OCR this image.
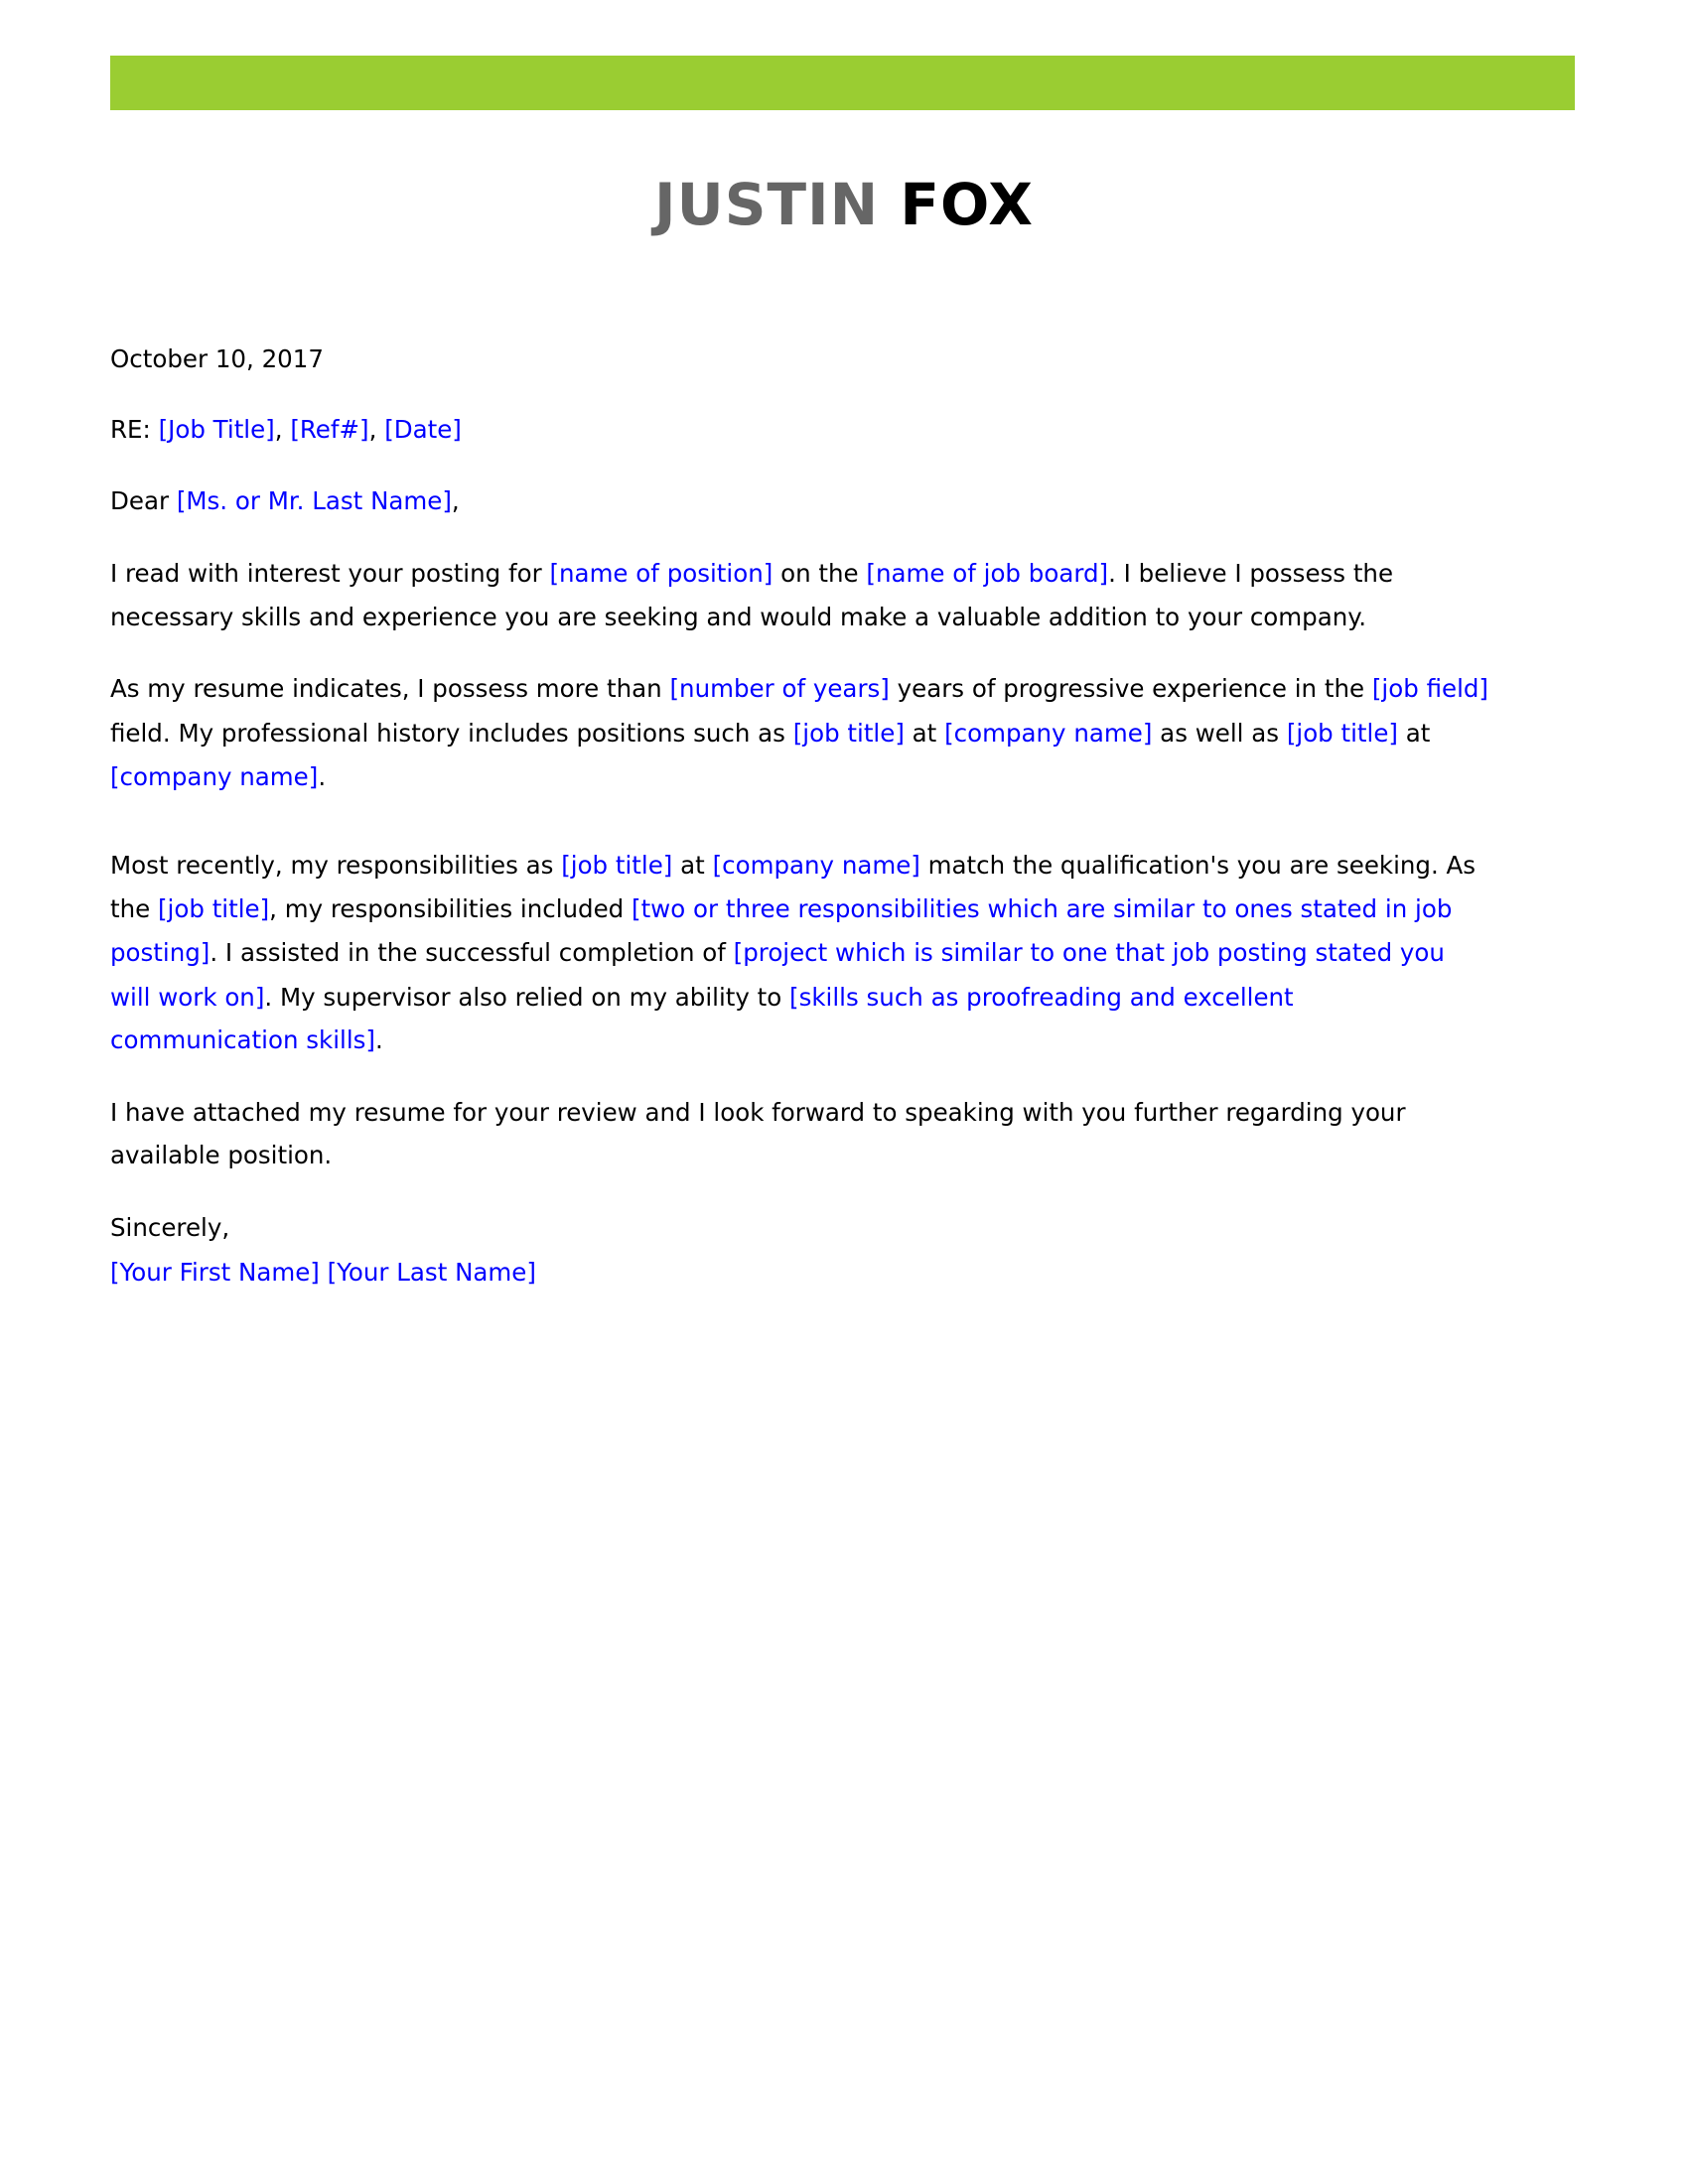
JUSTIN FOX
October 10, 2017
RE: [Job Title], [Ref#], [Date]
Dear [Ms. or Mr. Last Name],
I read with interest your posting for [name of position] on the [name of job board]. I believe I possess the
necessary skills and experience you are seeking and would make a valuable addition to your company.
As my resume indicates, I possess more than [number of years] years of progressive experience in the [job field]
field. My professional history includes positions such as [job title] at [company name] as well as [job title] at
[company name].
Most recently, my responsibilities as [job title] at [company name] match the qualification's you are seeking. As
the [job title], my responsibilities included [two or three responsibilities which are similar to ones stated in job
posting]. I assisted in the successful completion of [project which is similar to one that job posting stated you
will work on]. My supervisor also relied on my ability to [skills such as proofreading and excellent
communication skills].
I have attached my resume for your review and I look forward to speaking with you further regarding your
available position.
Sincerely,
[Your First Name] [Your Last Name]
